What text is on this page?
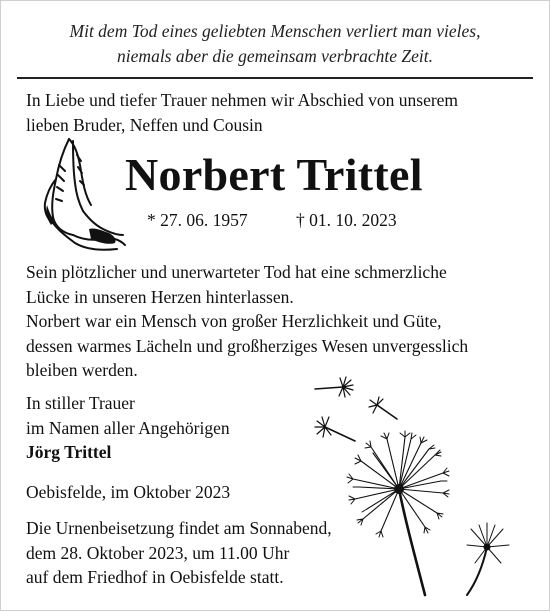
Mit dem Tod eines geliebten Menschen verliert man vieles,
niemals aber die gemeinsam verbrachte Zeit.
In Liebe und tiefer Trauer nehmen wir Abschied von unserem
lieben Bruder, Neffen und Cousin
Norbert Trittel
* 27. 06. 1957	† 01. 10. 2023
Sein plötzlicher und unerwarteter Tod hat eine schmerzliche
Lücke in unseren Herzen hinterlassen.
Norbert war ein Mensch von großer Herzlichkeit und Güte,
dessen warmes Lächeln und großherziges Wesen unvergesslich
bleiben werden.
In stiller Trauer
im Namen aller Angehörigen
Jörg Trittel
Oebisfelde, im Oktober 2023
Die Urnenbeisetzung findet am Sonnabend,
dem 28. Oktober 2023, um 11.00 Uhr
auf dem Friedhof in Oebisfelde statt.
